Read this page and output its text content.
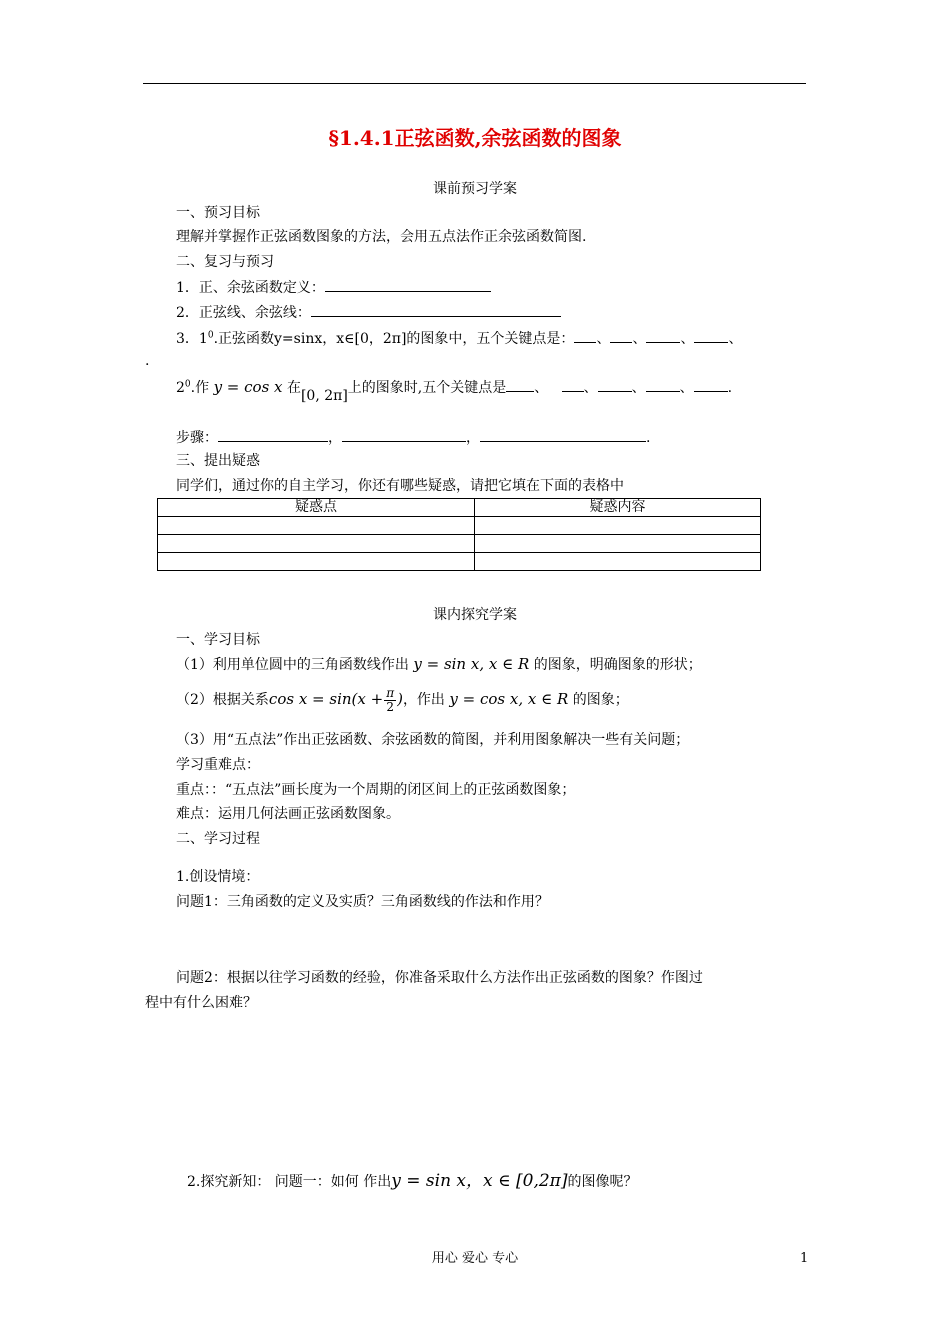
§1.4.1正弦函数,余弦函数的图象
课前预习学案
一、预习目标
理解并掌握作正弦函数图象的方法，会用五点法作正余弦函数简图.
二、复习与预习
1．正、余弦函数定义：
2．正弦线、余弦线：
3．$1^0$.正弦函数y=sinx，x∈[0，2π]的图象中，五个关键点是： 、 、 、 、
.
$2^0$.作 y = cos x 在[0, 2π]上的图象时,五个关键点是 、   、 、 、 .
步骤：	，	，	.
三、提出疑惑
同学们，通过你的自主学习，你还有哪些疑惑，请把它填在下面的表格中
疑惑点	疑惑内容

课内探究学案
一、学习目标
（1）利用单位圆中的三角函数线作出 y = sin x, x ∈ R 的图象，明确图象的形状；
（2）根据关系$\cos x = \sin(x + \frac{\pi}{2}$ )，作出 y = cos x, x ∈ R 的图象；
（3）用“五点法”作出正弦函数、余弦函数的简图，并利用图象解决一些有关问题；
学习重难点：
重点：：“五点法”画长度为一个周期的闭区间上的正弦函数图象；
难点：运用几何法画正弦函数图象。
二、学习过程
1.创设情境：
问题1：三角函数的定义及实质？三角函数线的作法和作用？
问题2：根据以往学习函数的经验，你准备采取什么方法作出正弦函数的图象？作图过
程中有什么困难？
2.探究新知： 问题一：如何 作出y = sin x，x ∈ [0,2π]的图像呢？
用心 爱心 专心	1
